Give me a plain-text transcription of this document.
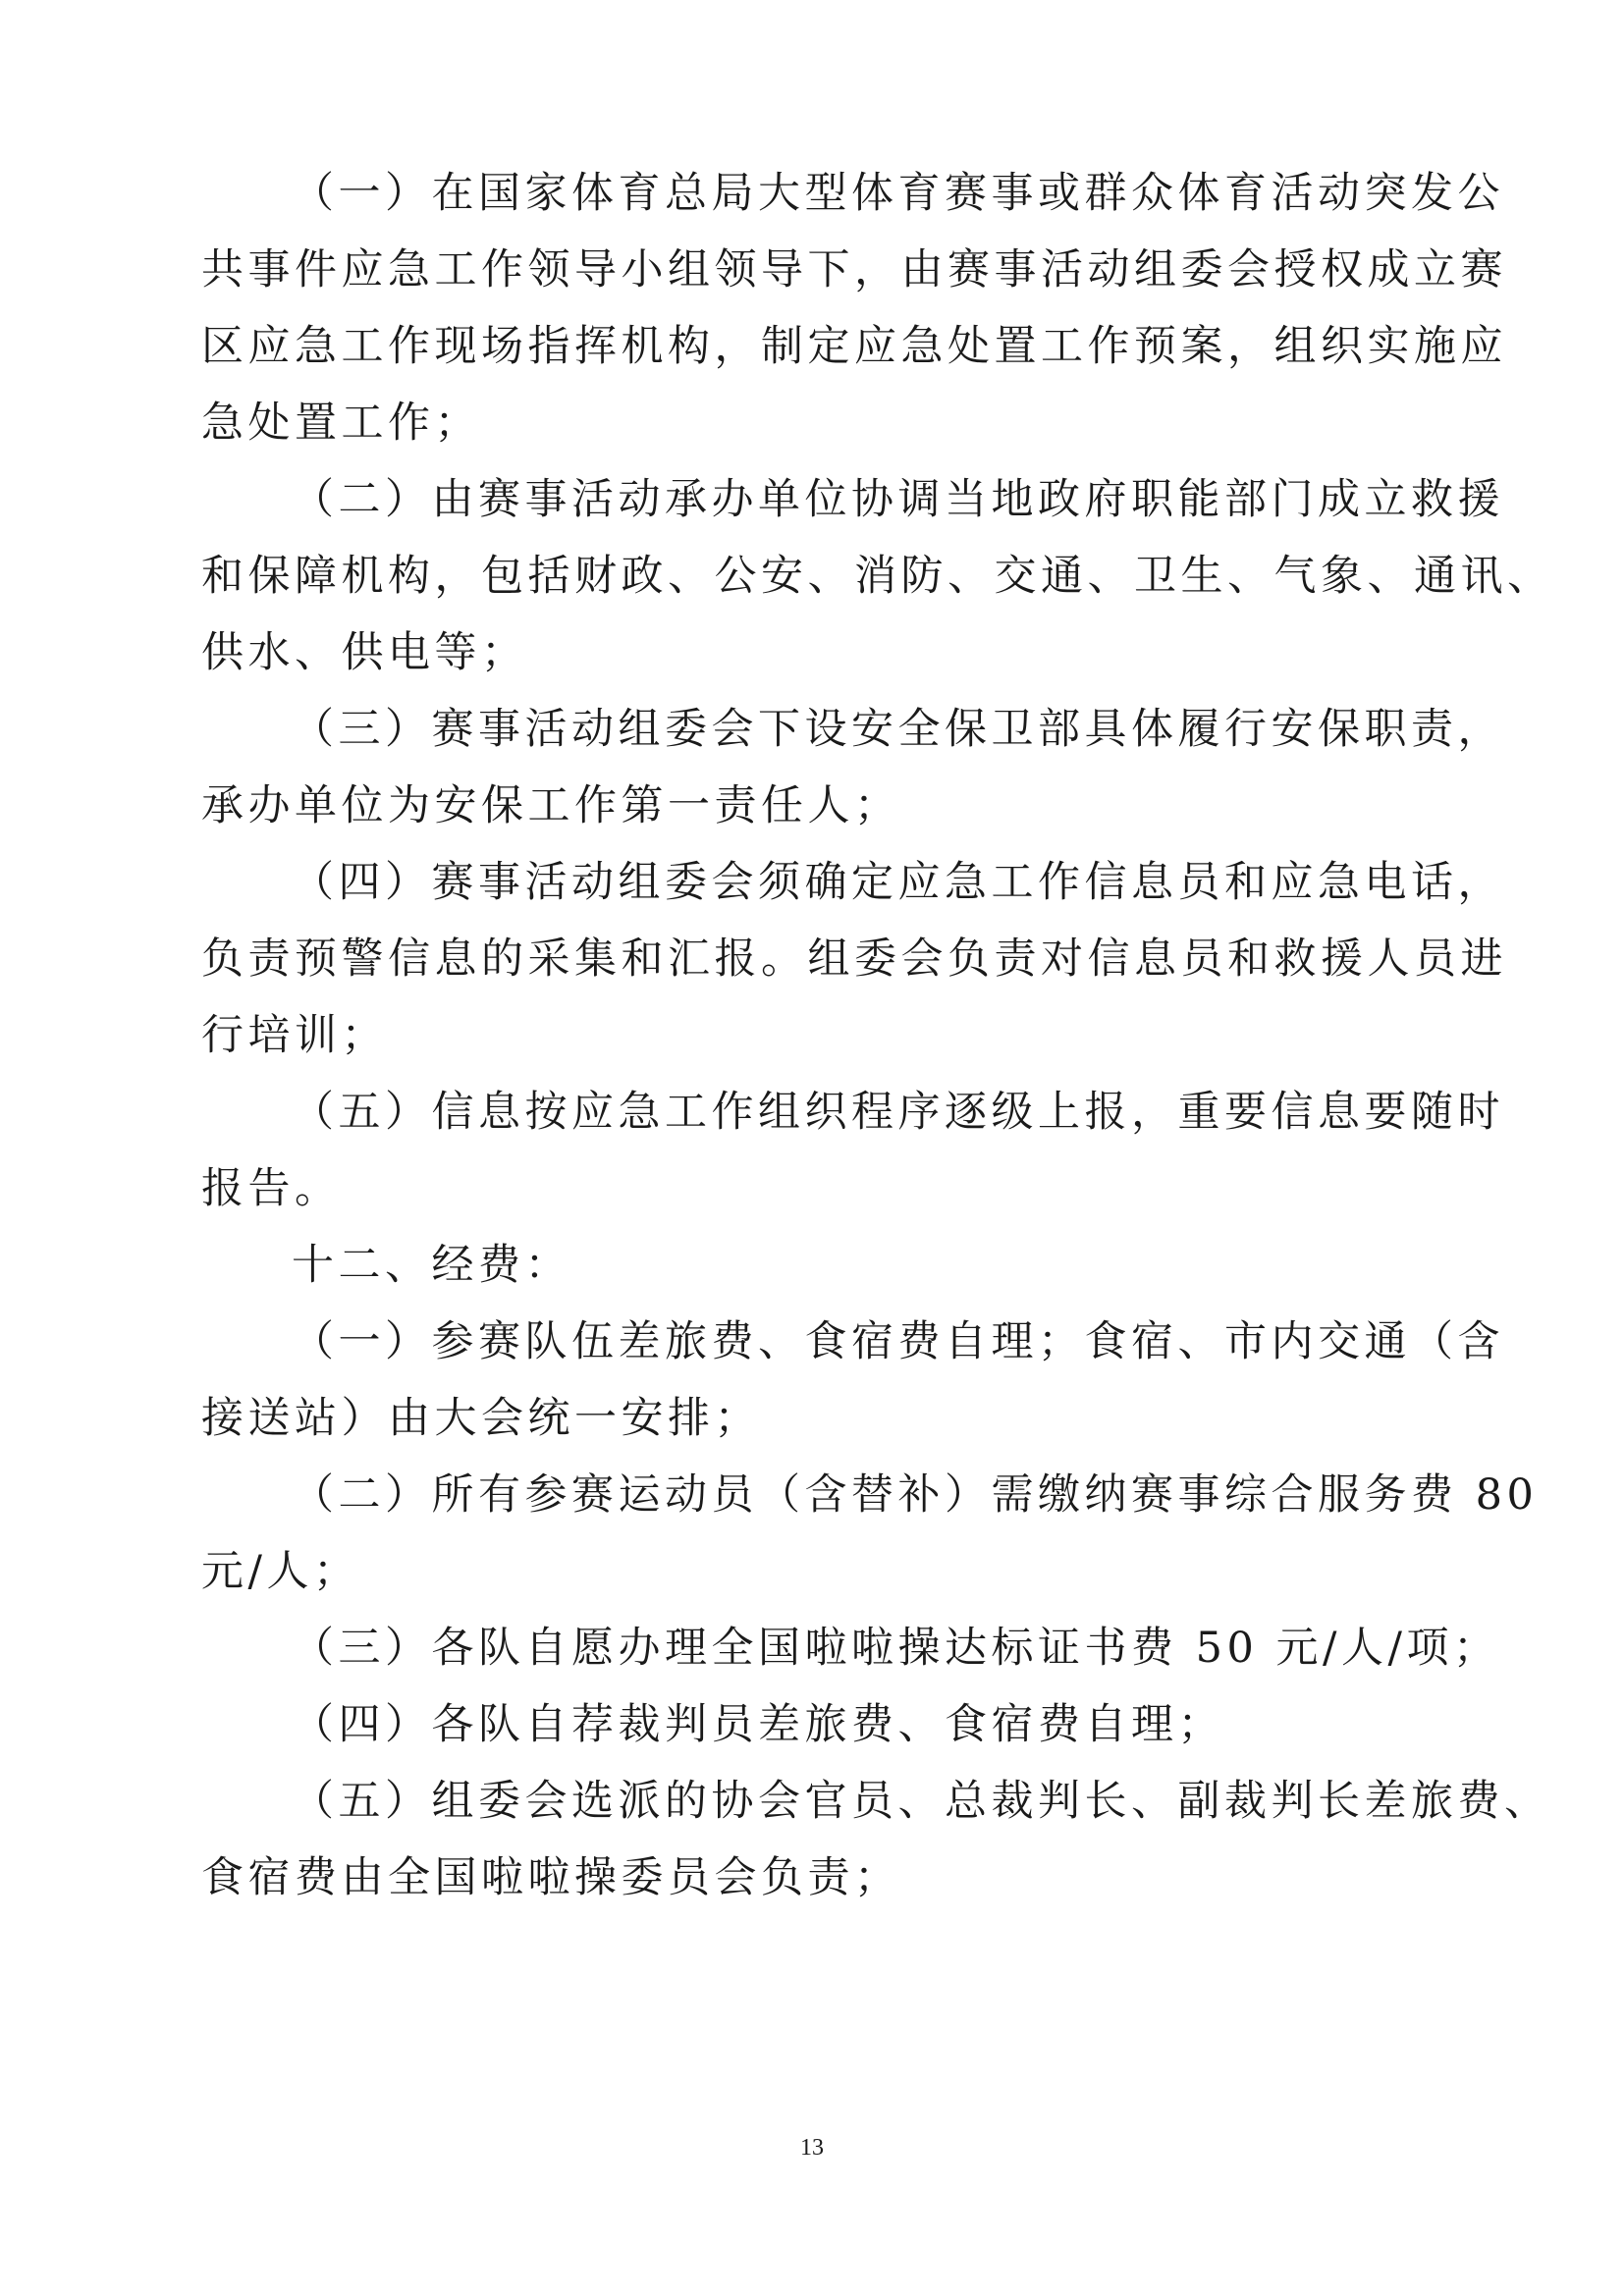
（一）在国家体育总局大型体育赛事或群众体育活动突发公
共事件应急工作领导小组领导下，由赛事活动组委会授权成立赛
区应急工作现场指挥机构，制定应急处置工作预案，组织实施应
急处置工作；
（二）由赛事活动承办单位协调当地政府职能部门成立救援
和保障机构，包括财政、公安、消防、交通、卫生、气象、通讯、
供水、供电等；
（三）赛事活动组委会下设安全保卫部具体履行安保职责，
承办单位为安保工作第一责任人；
（四）赛事活动组委会须确定应急工作信息员和应急电话，
负责预警信息的采集和汇报。组委会负责对信息员和救援人员进
行培训；
（五）信息按应急工作组织程序逐级上报，重要信息要随时
报告。
十二、经费：
（一）参赛队伍差旅费、食宿费自理；食宿、市内交通（含
接送站）由大会统一安排；
（二）所有参赛运动员（含替补）需缴纳赛事综合服务费 80
元/人；
（三）各队自愿办理全国啦啦操达标证书费 50 元/人/项；
（四）各队自荐裁判员差旅费、食宿费自理；
（五）组委会选派的协会官员、总裁判长、副裁判长差旅费、
食宿费由全国啦啦操委员会负责；
13
